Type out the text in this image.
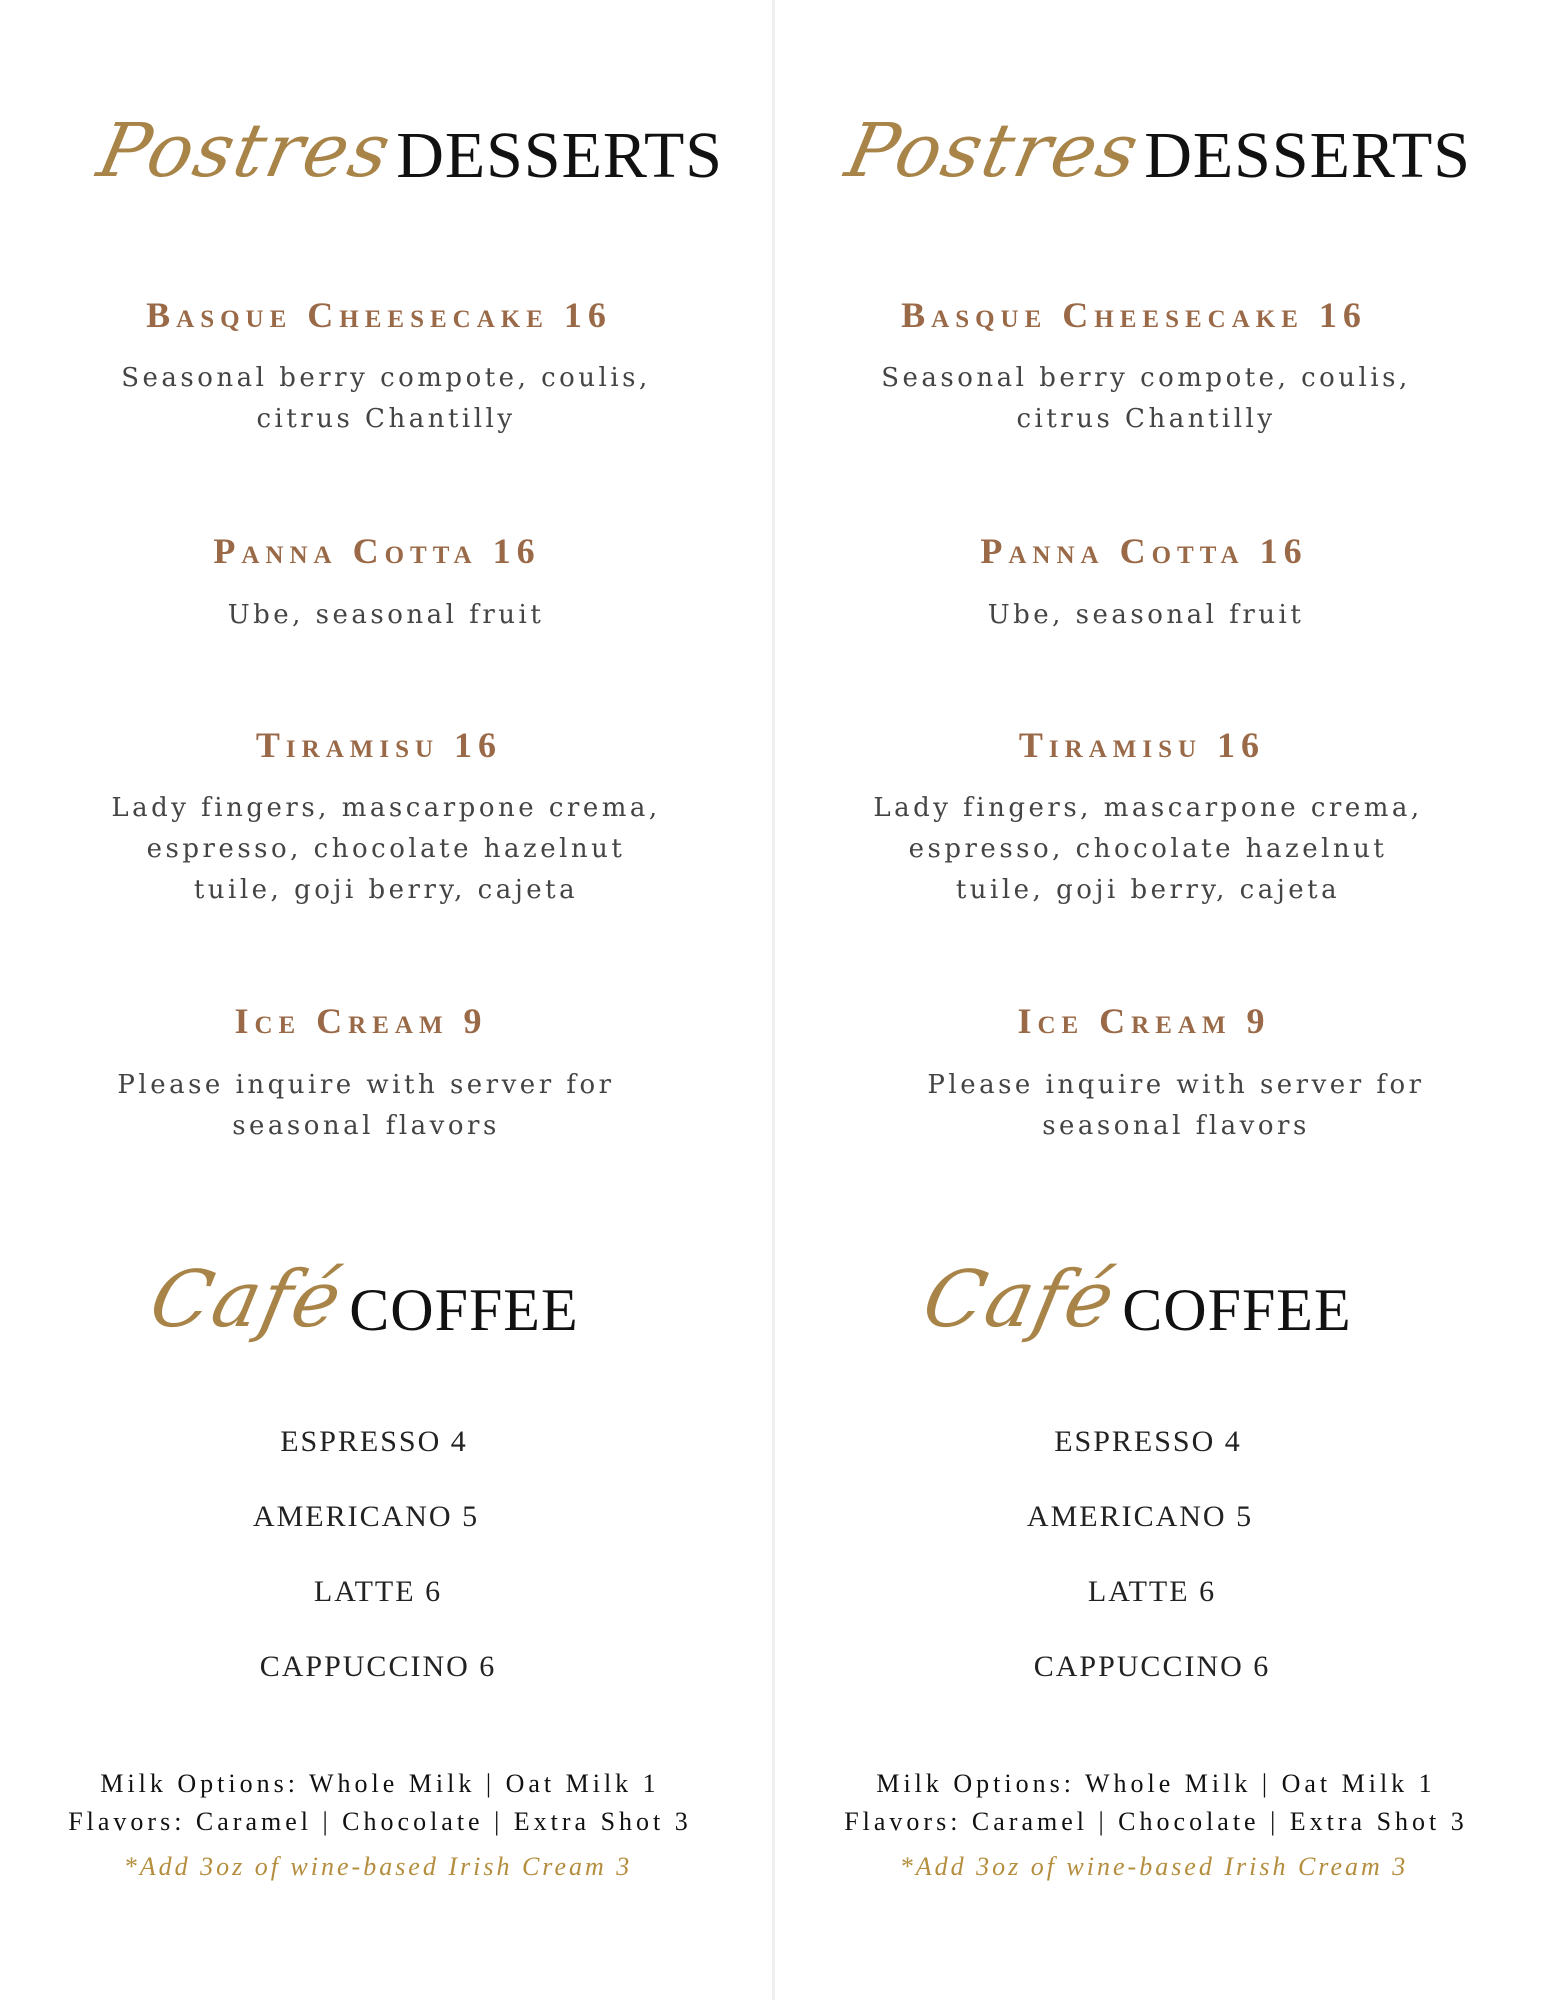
Postres
DESSERTS
Basque Cheesecake 16
Seasonal berry compote, coulis,
citrus Chantilly
Panna Cotta 16
Ube, seasonal fruit
Tiramisu 16
Lady fingers, mascarpone crema,
espresso, chocolate hazelnut
tuile, goji berry, cajeta
Ice Cream 9
Please inquire with server for
seasonal flavors
Café
COFFEE
ESPRESSO 4
AMERICANO 5
LATTE 6
CAPPUCCINO 6
Milk Options: Whole Milk | Oat Milk 1
Flavors: Caramel | Chocolate | Extra Shot 3
*Add 3oz of wine-based Irish Cream 3
Postres
DESSERTS
Basque Cheesecake 16
Seasonal berry compote, coulis,
citrus Chantilly
Panna Cotta 16
Ube, seasonal fruit
Tiramisu 16
Lady fingers, mascarpone crema,
espresso, chocolate hazelnut
tuile, goji berry, cajeta
Ice Cream 9
Please inquire with server for
seasonal flavors
Café
COFFEE
ESPRESSO 4
AMERICANO 5
LATTE 6
CAPPUCCINO 6
Milk Options: Whole Milk | Oat Milk 1
Flavors: Caramel | Chocolate | Extra Shot 3
*Add 3oz of wine-based Irish Cream 3
